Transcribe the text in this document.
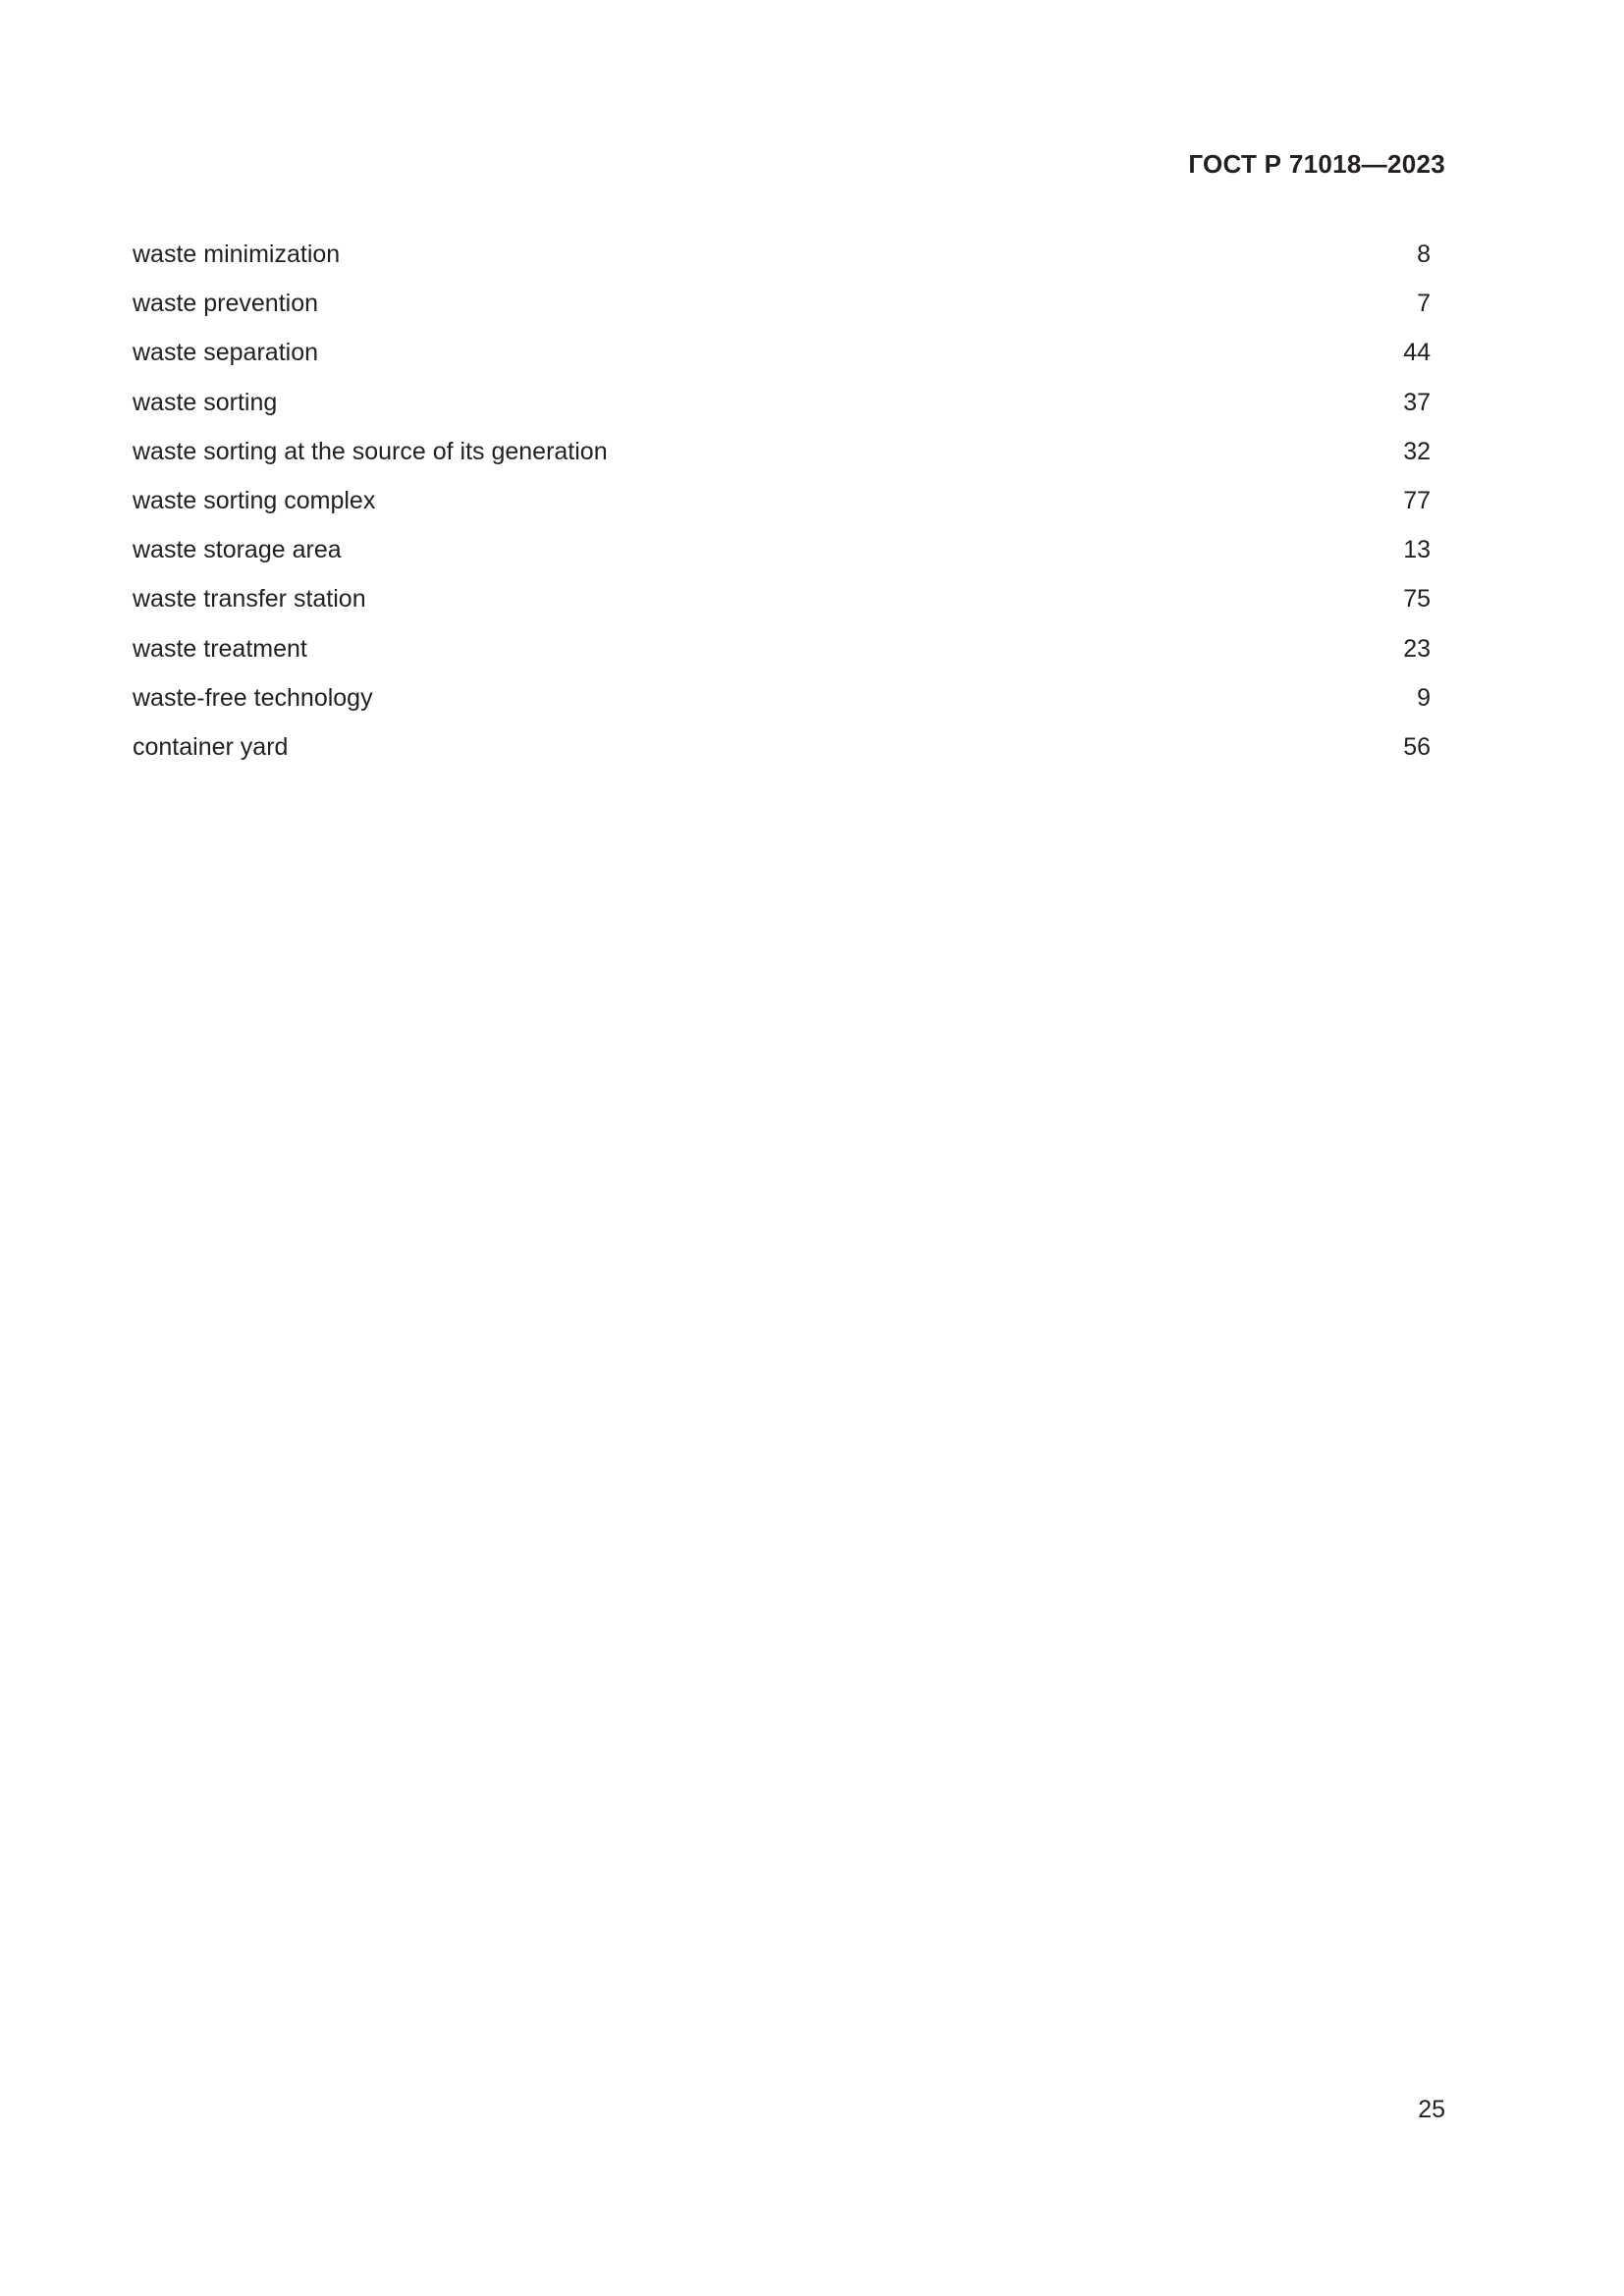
ГОСТ Р 71018—2023
waste minimization	8
waste prevention	7
waste separation	44
waste sorting	37
waste sorting at the source of its generation	32
waste sorting complex	77
waste storage area	13
waste transfer station	75
waste treatment	23
waste-free technology	9
container yard	56
25
